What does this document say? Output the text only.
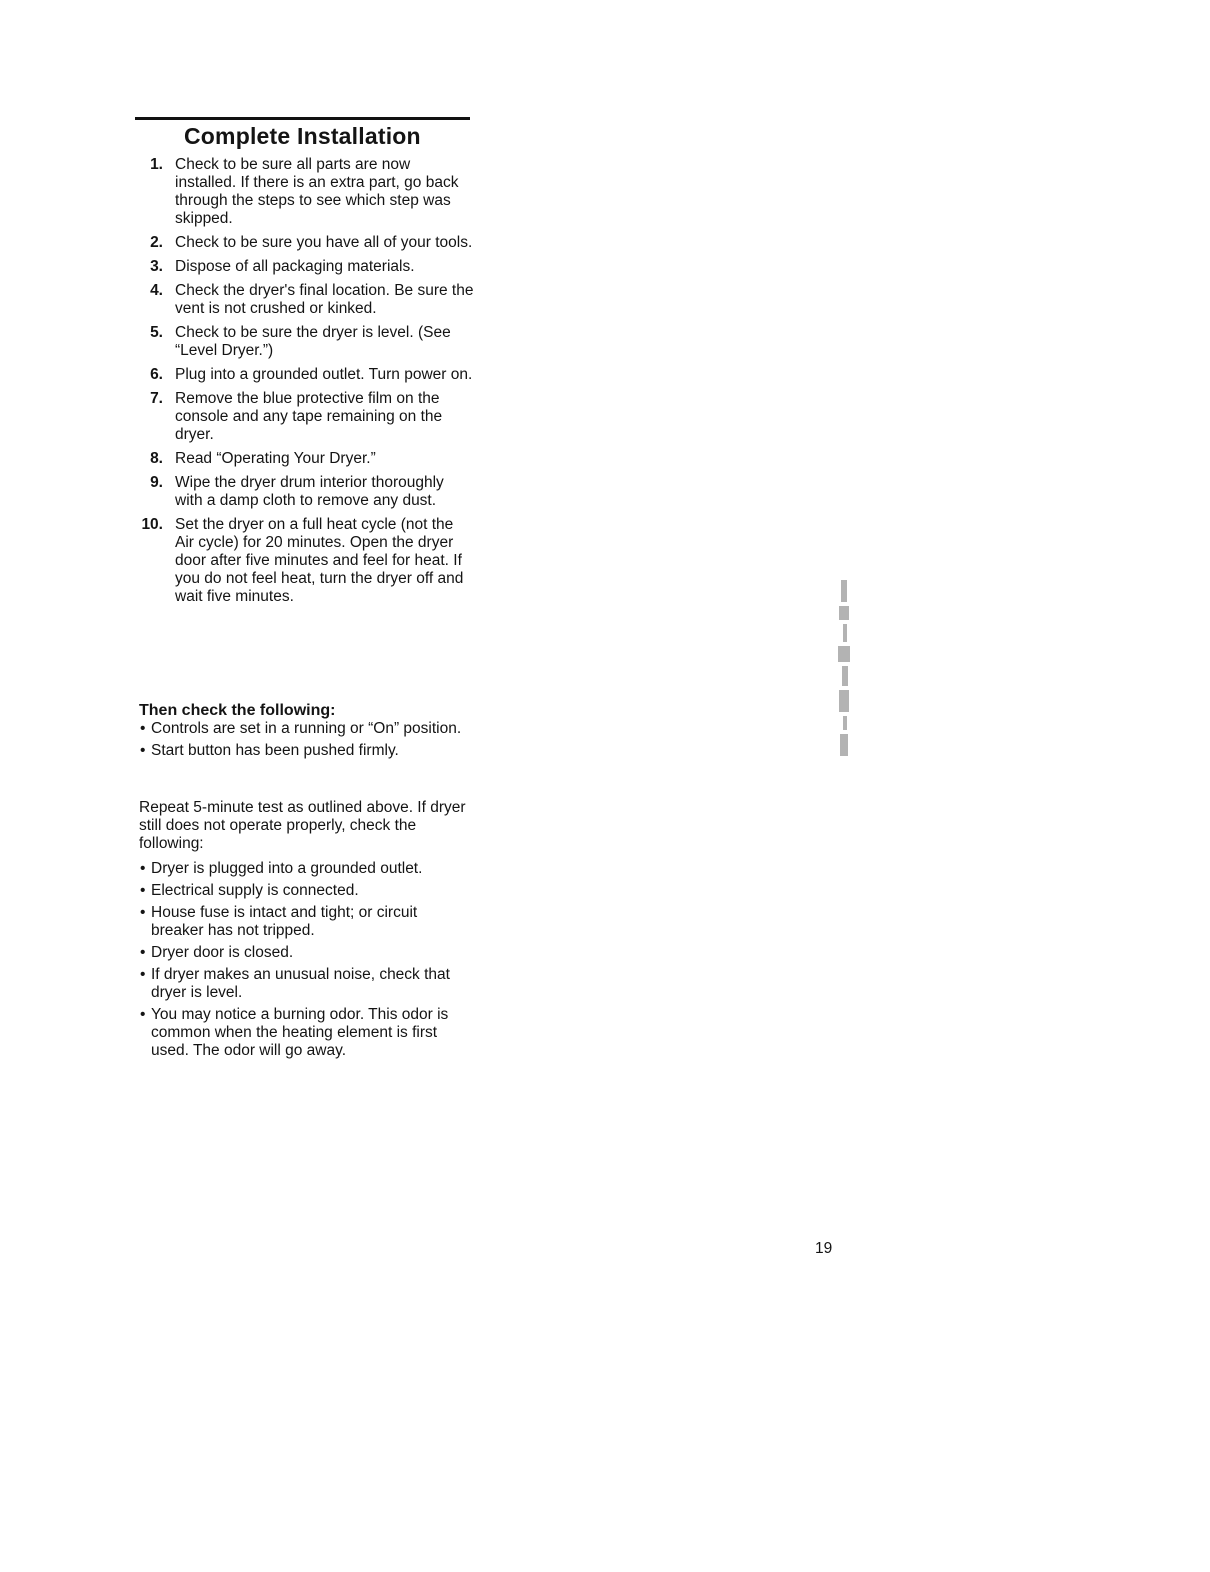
Complete Installation
1. Check to be sure all parts are now installed. If there is an extra part, go back through the steps to see which step was skipped.
2. Check to be sure you have all of your tools.
3. Dispose of all packaging materials.
4. Check the dryer's final location. Be sure the vent is not crushed or kinked.
5. Check to be sure the dryer is level. (See “Level Dryer.”)
6. Plug into a grounded outlet. Turn power on.
7. Remove the blue protective film on the console and any tape remaining on the dryer.
8. Read “Operating Your Dryer.”
9. Wipe the dryer drum interior thoroughly with a damp cloth to remove any dust.
10. Set the dryer on a full heat cycle (not the Air cycle) for 20 minutes. Open the dryer door after five minutes and feel for heat. If you do not feel heat, turn the dryer off and wait five minutes.
Then check the following:
• Controls are set in a running or “On” position.
• Start button has been pushed firmly.

Repeat 5-minute test as outlined above. If dryer still does not operate properly, check the following:

• Dryer is plugged into a grounded outlet.
• Electrical supply is connected.
• House fuse is intact and tight; or circuit breaker has not tripped.
• Dryer door is closed.
• If dryer makes an unusual noise, check that dryer is level.
• You may notice a burning odor. This odor is common when the heating element is first used. The odor will go away.
19
